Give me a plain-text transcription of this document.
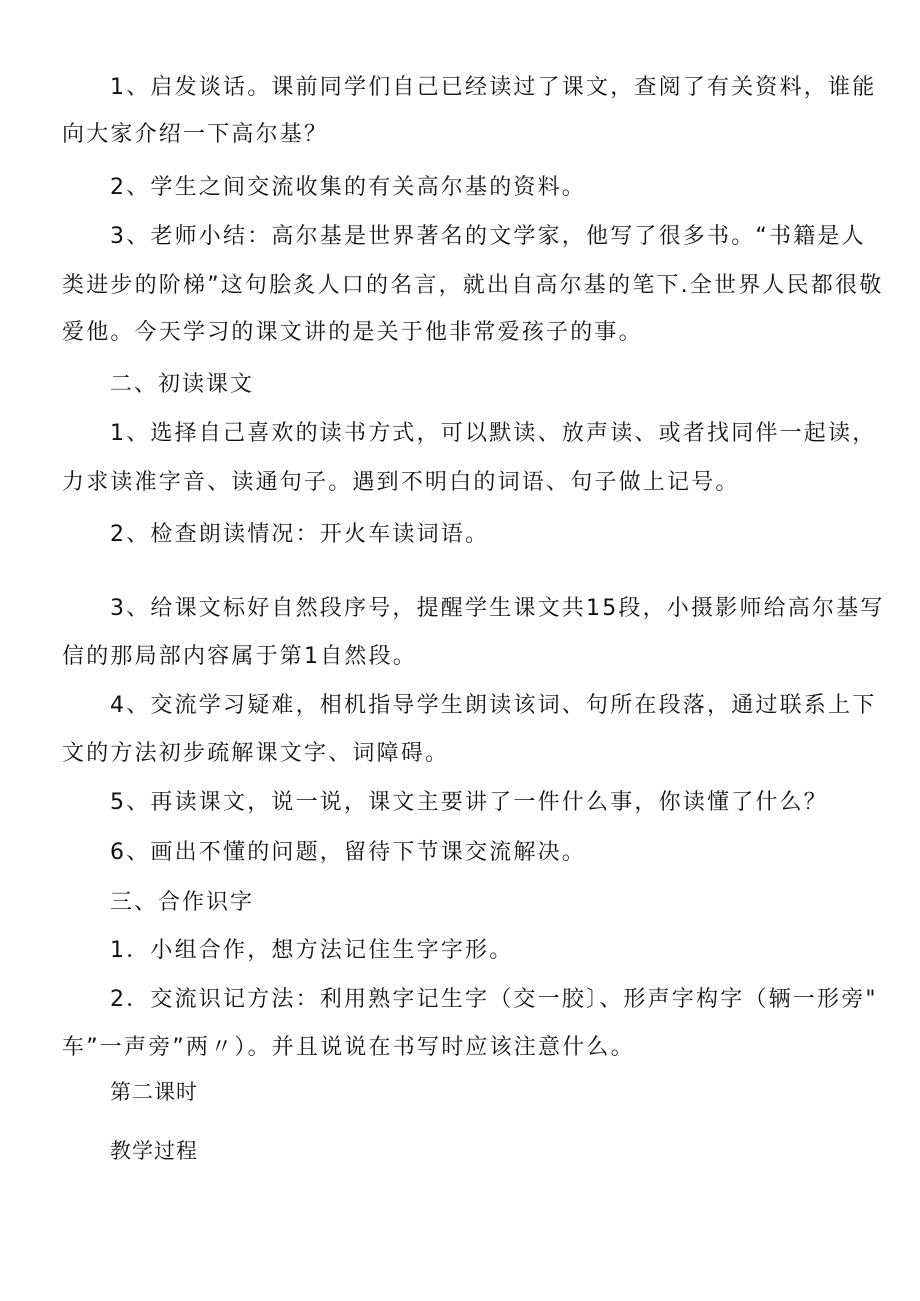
1、启发谈话。课前同学们自己已经读过了课文，查阅了有关资料，谁能
向大家介绍一下高尔基？
2、学生之间交流收集的有关高尔基的资料。
3、老师小结：高尔基是世界著名的文学家，他写了很多书。“书籍是人
类进步的阶梯”这句脍炙人口的名言，就出自高尔基的笔下.全世界人民都很敬
爱他。今天学习的课文讲的是关于他非常爱孩子的事。
二、初读课文
1、选择自己喜欢的读书方式，可以默读、放声读、或者找同伴一起读，
力求读准字音、读通句子。遇到不明白的词语、句子做上记号。
2、检查朗读情况：开火车读词语。
3、给课文标好自然段序号，提醒学生课文共15段，小摄影师给高尔基写
信的那局部内容属于第1自然段。
4、交流学习疑难，相机指导学生朗读该词、句所在段落，通过联系上下
文的方法初步疏解课文字、词障碍。
5、再读课文，说一说，课文主要讲了一件什么事，你读懂了什么？
6、画出不懂的问题，留待下节课交流解决。
三、合作识字
1．小组合作，想方法记住生字字形。
2．交流识记方法：利用熟字记生字（交一胶〕、形声字构字（辆一形旁"
车”一声旁”两〃）。并且说说在书写时应该注意什么。
第二课时
教学过程
